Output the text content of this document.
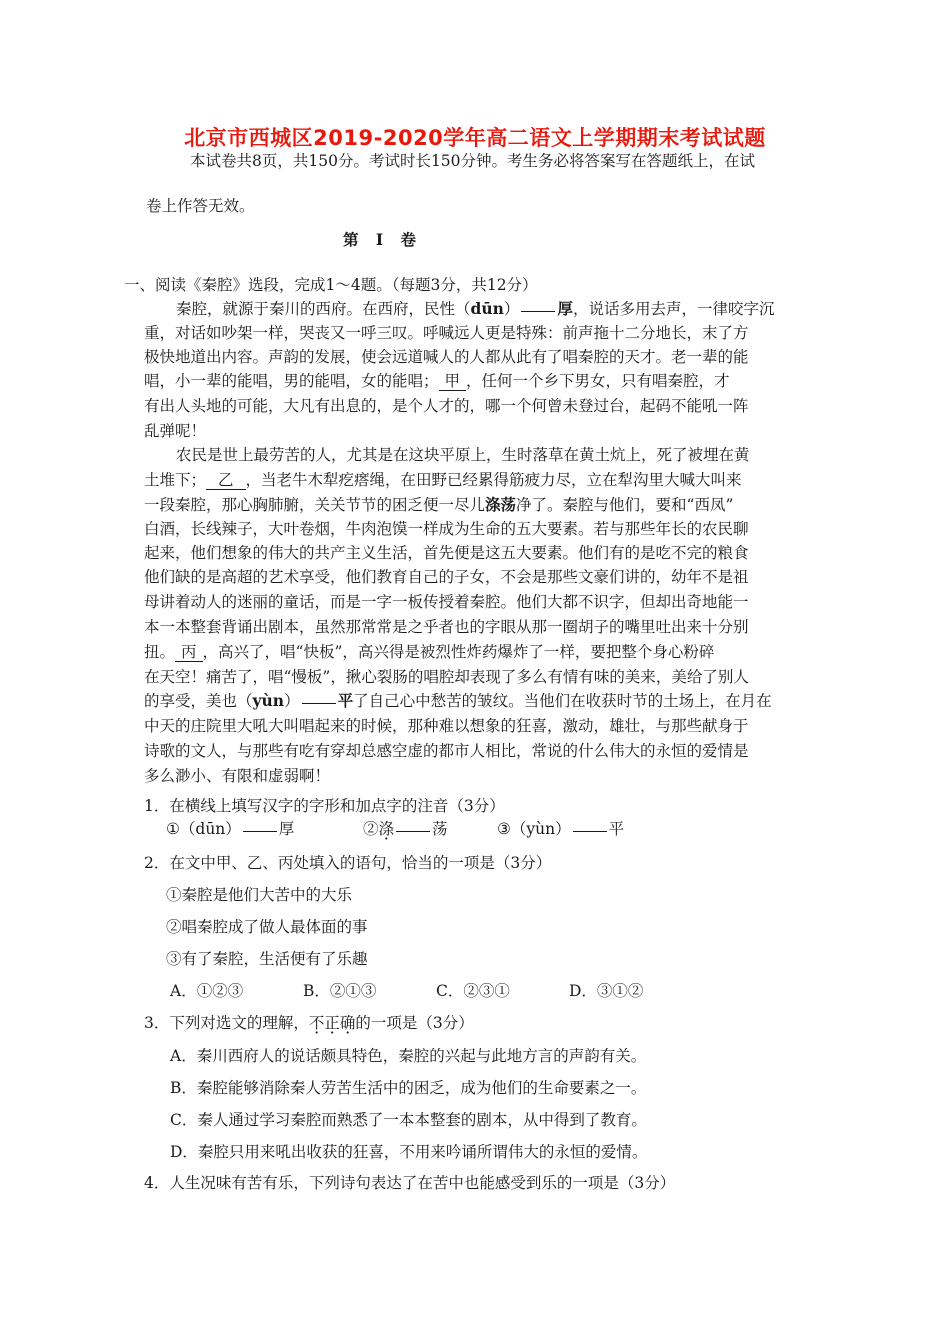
北京市西城区2019-2020学年高二语文上学期期末考试试题
本试卷共8页，共150分。考试时长150分钟。考生务必将答案写在答题纸上，在试
卷上作答无效。
第 I 卷
一、阅读《秦腔》选段，完成1～4题。（每题3分，共12分）
秦腔，就源于秦川的西府。在西府，民性（dūn） 厚，说话多用去声，一律咬字沉
重，对话如吵架一样，哭丧又一呼三叹。呼喊远人更是特殊：前声拖十二分地长，末了方
极快地道出内容。声韵的发展，使会远道喊人的人都从此有了唱秦腔的天才。老一辈的能
唱，小一辈的能唱，男的能唱，女的能唱； 甲 ，任何一个乡下男女，只有唱秦腔，才
有出人头地的可能，大凡有出息的，是个人才的，哪一个何曾未登过台，起码不能吼一阵
乱弹呢！
农民是世上最劳苦的人，尤其是在这块平原上，生时落草在黄土炕上，死了被埋在黄
土堆下； 乙 ，当老牛木犁疙瘩绳，在田野已经累得筋疲力尽，立在犁沟里大喊大叫来
一段秦腔，那心胸肺腑，关关节节的困乏便一尽儿涤荡净了。秦腔与他们，要和“西凤”
白酒，长线辣子，大叶卷烟，牛肉泡馍一样成为生命的五大要素。若与那些年长的农民聊
起来，他们想象的伟大的共产主义生活，首先便是这五大要素。他们有的是吃不完的粮食
他们缺的是高超的艺术享受，他们教育自己的子女，不会是那些文豪们讲的，幼年不是祖
母讲着动人的迷丽的童话，而是一字一板传授着秦腔。他们大都不识字，但却出奇地能一
本一本整套背诵出剧本，虽然那常常是之乎者也的字眼从那一圈胡子的嘴里吐出来十分别
扭。 丙 ，高兴了，唱“快板”，高兴得是被烈性炸药爆炸了一样，要把整个身心粉碎
在天空！痛苦了，唱“慢板”，揪心裂肠的唱腔却表现了多么有情有味的美来，美给了别人
的享受，美也（yùn） 平了自己心中愁苦的皱纹。当他们在收获时节的土场上，在月在
中天的庄院里大吼大叫唱起来的时候，那种难以想象的狂喜，激动，雄壮，与那些献身于
诗歌的文人，与那些有吃有穿却总感空虚的都市人相比，常说的什么伟大的永恒的爱情是
多么渺小、有限和虚弱啊！
1．在横线上填写汉字的字形和加点字的注音（3分）
①（dūn） 厚	②涤 荡	③（yùn） 平
2．在文中甲、乙、丙处填入的语句，恰当的一项是（3分）
①秦腔是他们大苦中的大乐
②唱秦腔成了做人最体面的事
③有了秦腔，生活便有了乐趣
A．①②③	B．②①③	C．②③①	D．③①②
3．下列对选文的理解，不正确的一项是（3分）
A．秦川西府人的说话颇具特色，秦腔的兴起与此地方言的声韵有关。
B．秦腔能够消除秦人劳苦生活中的困乏，成为他们的生命要素之一。
C．秦人通过学习秦腔而熟悉了一本本整套的剧本，从中得到了教育。
D．秦腔只用来吼出收获的狂喜，不用来吟诵所谓伟大的永恒的爱情。
4．人生况味有苦有乐，下列诗句表达了在苦中也能感受到乐的一项是（3分）
